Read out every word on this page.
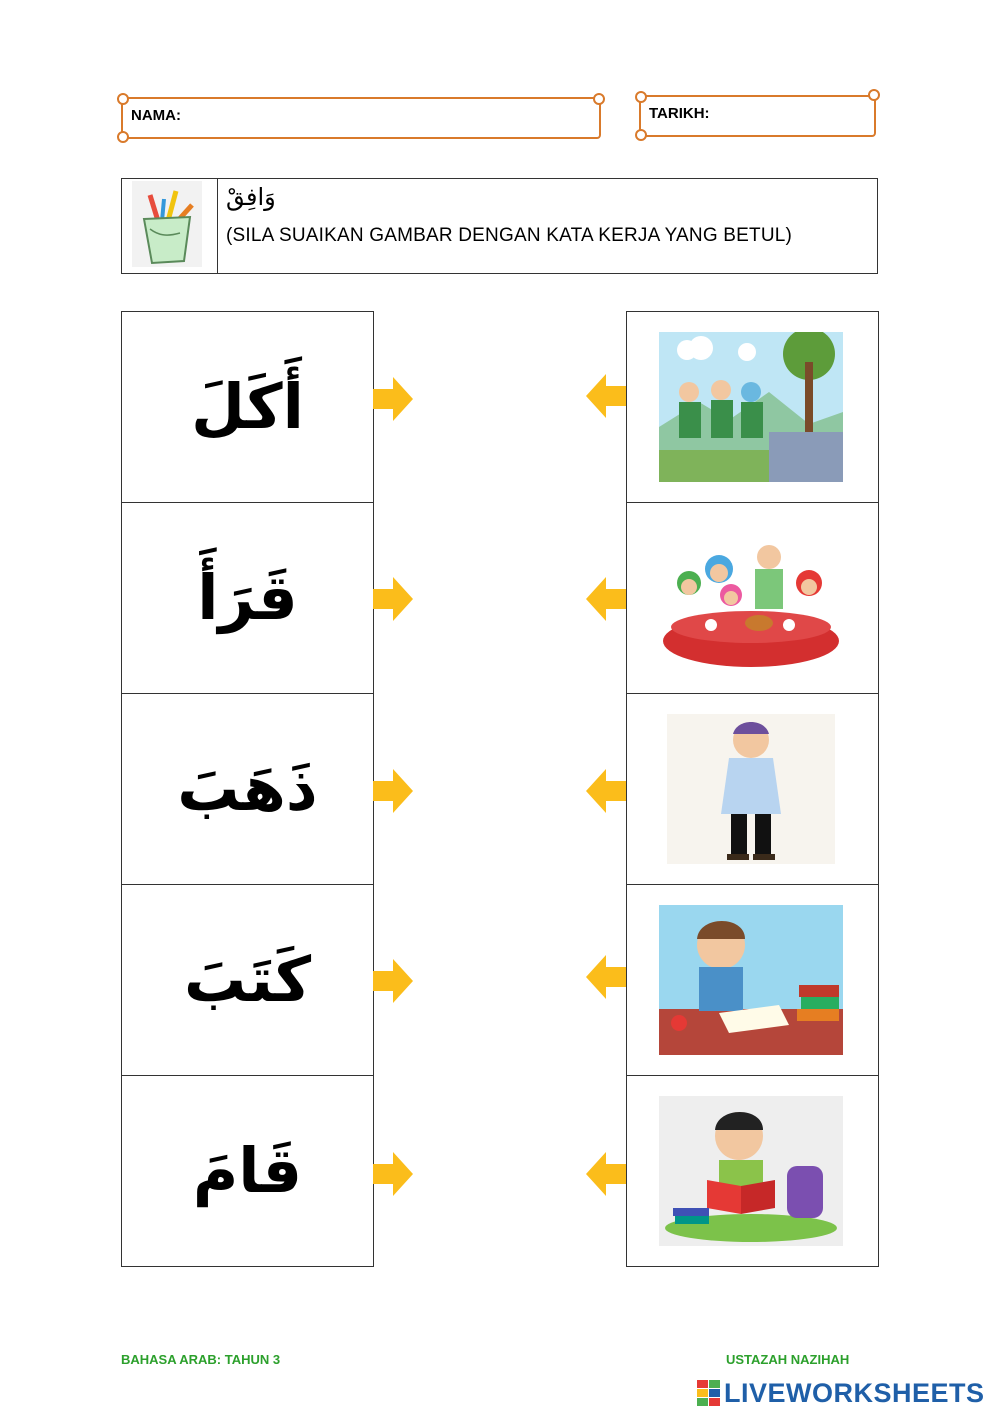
NAMA:	TARIKH:
وَافِقْ
(SILA SUAIKAN GAMBAR DENGAN KATA KERJA YANG BETUL)
أَكَلَ
قَرَأَ
ذَهَبَ
كَتَبَ
قَامَ
BAHASA ARAB: TAHUN 3	USTAZAH NAZIHAH
LIVEWORKSHEETS
